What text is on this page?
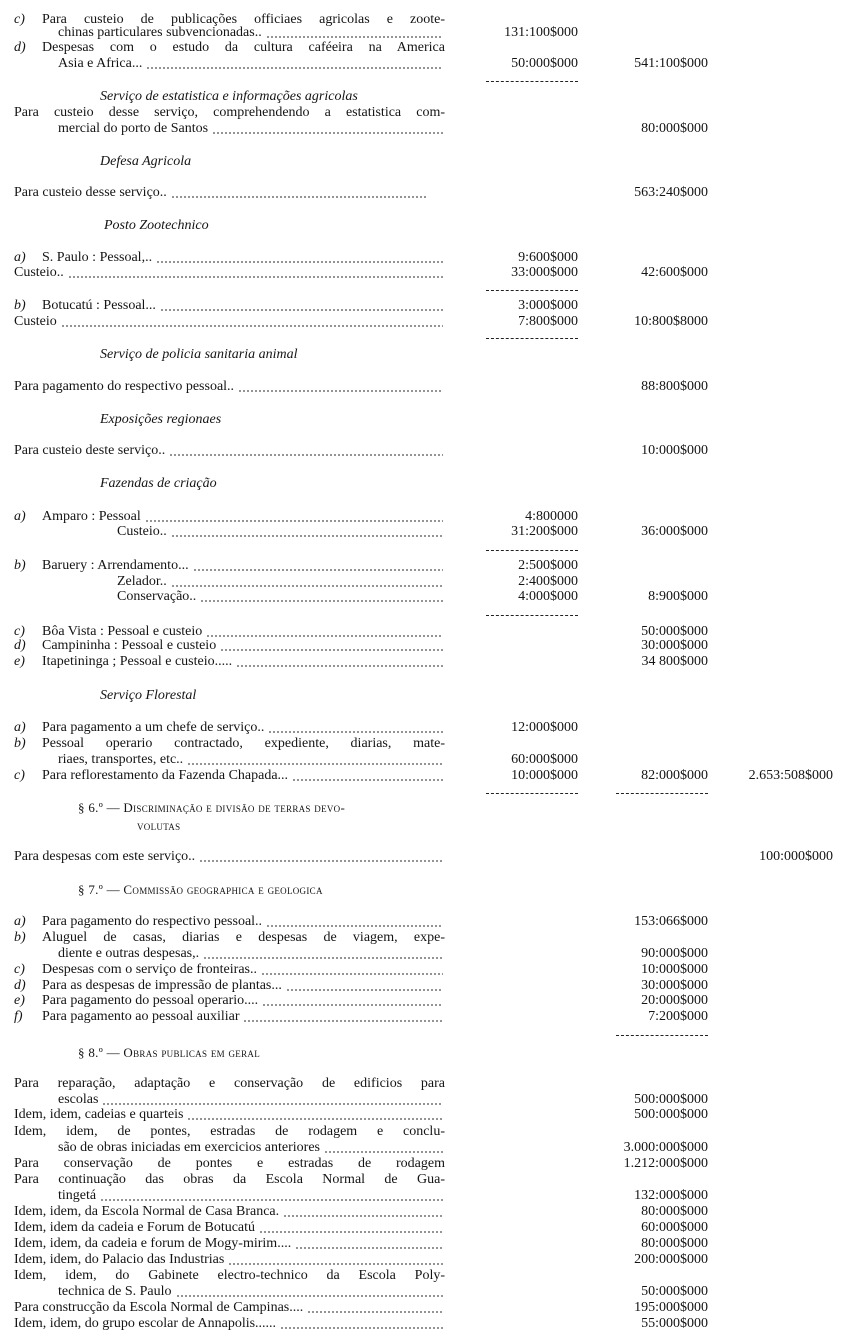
c) Para custeio de publicações officiaes agricolas e zoote-
chinas particulares subvencionadas..	131:100$000
d) Despesas com o estudo da cultura caféeira na America
Asia e Africa...	50:000$000	541:100$000
Serviço de estatistica e informações agricolas
Para custeio desse serviço, comprehendendo a estatistica com-
mercial do porto de Santos	80:000$000
Defesa Agricola
Para custeio desse serviço..	563:240$000
Posto Zootechnico
a) S. Paulo : Pessoal,..	9:600$000
Custeio..	33:000$000	42:600$000
b) Botucatú : Pessoal...	3:000$000
Custeio	7:800$000	10:800$8000
Serviço de policia sanitaria animal
Para pagamento do respectivo pessoal..	88:800$000
Exposições regionaes
Para custeio deste serviço..	10:000$000
Fazendas de criação
a) Amparo : Pessoal	4:800000
Custeio..	31:200$000	36:000$000
b) Baruery : Arrendamento...	2:500$000
Zelador..	2:400$000
Conservação..	4:000$000	8:900$000
c) Bôa Vista : Pessoal e custeio	50:000$000
d) Campininha : Pessoal e custeio	30:000$000
e) Itapetininga ; Pessoal e custeio.....	34 800$000
Serviço Florestal
a) Para pagamento a um chefe de serviço..	12:000$000
b) Pessoal operario contractado, expediente, diarias, mate-
riaes, transportes, etc..	60:000$000
c) Para reflorestamento da Fazenda Chapada...	10:000$000	82:000$000	2.653:508$000
§ 6.º — Discriminação e divisão de terras devo-
volutas
Para despesas com este serviço..	100:000$000
§ 7.º — Commissão geographica e geologica
a) Para pagamento do respectivo pessoal..	153:066$000
b) Aluguel de casas, diarias e despesas de viagem, expe-
diente e outras despesas,.	90:000$000
c) Despesas com o serviço de fronteiras..	10:000$000
d) Para as despesas de impressão de plantas...	30:000$000
e) Para pagamento do pessoal operario....	20:000$000
f) Para pagamento ao pessoal auxiliar	7:200$000
§ 8.º — Obras publicas em geral
Para reparação, adaptação e conservação de edificios para
escolas	500:000$000
Idem, idem, cadeias e quarteis	500:000$000
Idem, idem, de pontes, estradas de rodagem e conclu-
são de obras iniciadas em exercicios anteriores	3.000:000$000
Para conservação de pontes e estradas de rodagem	1.212:000$000
Para continuação das obras da Escola Normal de Gua-
tingetá	132:000$000
Idem, idem, da Escola Normal de Casa Branca.	80:000$000
Idem, idem da cadeia e Forum de Botucatú	60:000$000
Idem, idem, da cadeia e forum de Mogy-mirim....	80:000$000
Idem, idem, do Palacio das Industrias	200:000$000
Idem, idem, do Gabinete electro-technico da Escola Poly-
technica de S. Paulo	50:000$000
Para construcção da Escola Normal de Campinas....	195:000$000
Idem, idem, do grupo escolar de Annapolis......	55:000$000
